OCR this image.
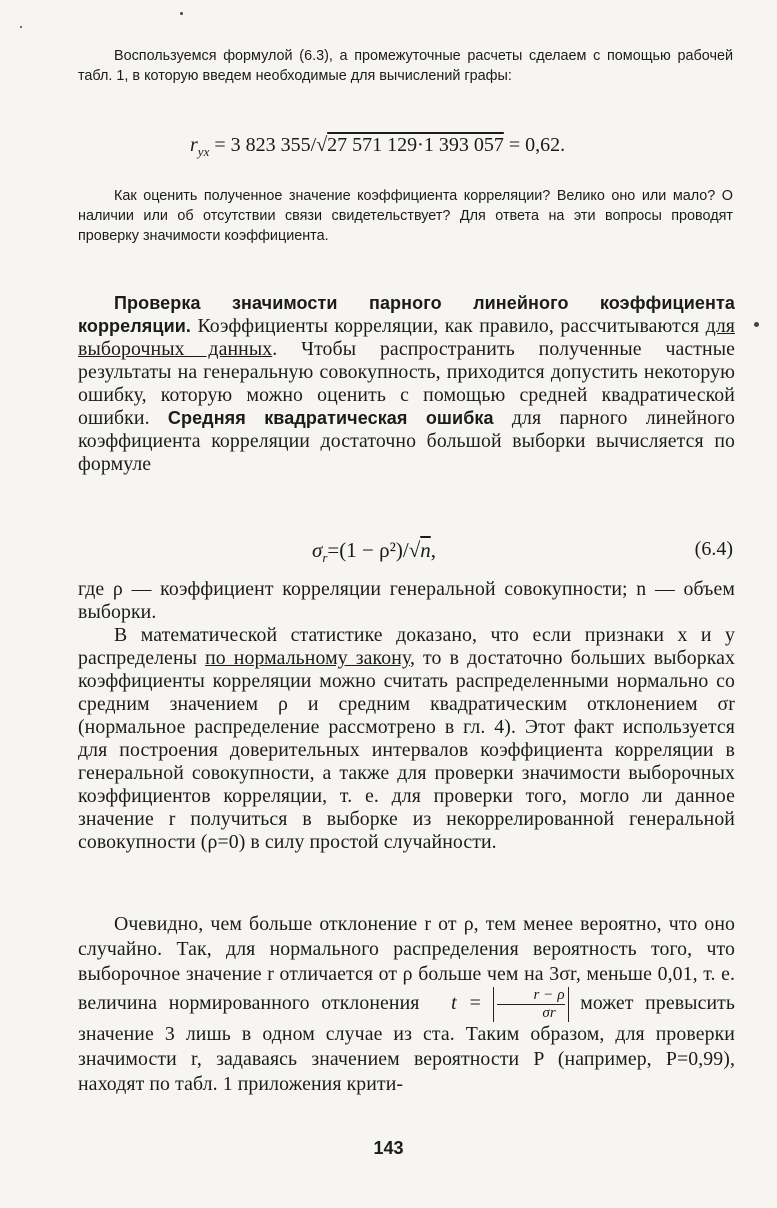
Воспользуемся формулой (6.3), а промежуточные расчеты сделаем с помощью рабочей табл. 1, в которую введем необходимые для вычислений графы:

$r_{yx} = 3$ 823 355/√27 571 129·1 393 057 = 0,62.

Как оценить полученное значение коэффициента корреляции? Велико оно или мало? О наличии или об отсутствии связи свидетельствует? Для ответа на эти вопросы проводят проверку значимости коэффициента.

Проверка значимости парного линейного коэффициента корреляции. Коэффициенты корреляции, как правило, рассчитываются для выборочных данных. Чтобы распространить полученные частные результаты на генеральную совокупность, приходится допустить некоторую ошибку, которую можно оценить с помощью средней квадратической ошибки. Средняя квадратическая ошибка для парного линейного коэффициента корреляции достаточно большой выборки вычисляется по формуле

$\sigma_r=(1 - \rho^2)/√n$,	(6.4)

где ρ — коэффициент корреляции генеральной совокупности; n — объем выборки.

В математической статистике доказано, что если признаки x и y распределены по нормальному закону, то в достаточно больших выборках коэффициенты корреляции можно считать распределенными нормально со средним значением ρ и средним квадратическим отклонением σr (нормальное распределение рассмотрено в гл. 4). Этот факт используется для построения доверительных интервалов коэффициента корреляции в генеральной совокупности, а также для проверки значимости выборочных коэффициентов корреляции, т. е. для проверки того, могло ли данное значение r получиться в выборке из некоррелированной генеральной совокупности (ρ=0) в силу простой случайности.

Очевидно, чем больше отклонение r от ρ, тем менее вероятно, что оно случайно. Так, для нормального распределения вероятность того, что выборочное значение r отличается от ρ больше чем на 3σr, меньше 0,01, т. е. величина нормированного отклонения $t = \frac{r - \rho}{\sigma r}$ может превысить значение 3 лишь в одном случае из ста. Таким образом, для проверки значимости r, задаваясь значением вероятности P (например, P=0,99), находят по табл. 1 приложения крити-

143
